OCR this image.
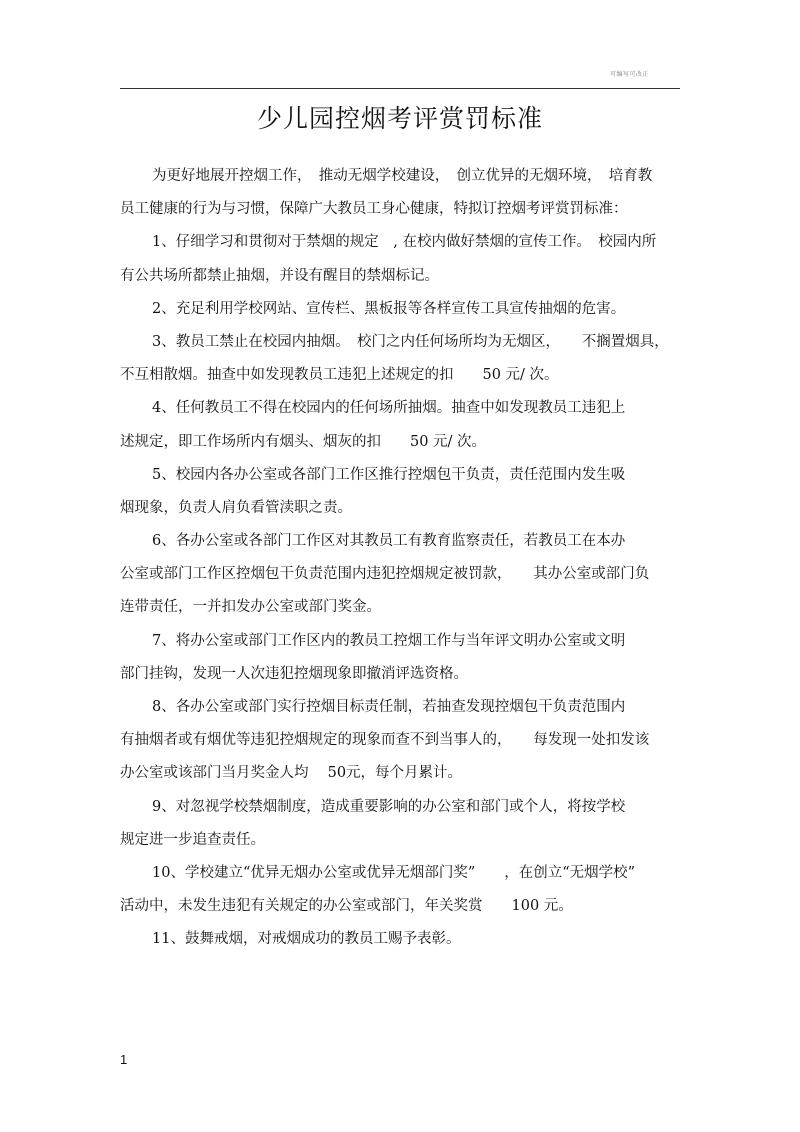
可编写可改正
少儿园控烟考评赏罚标准
为更好地展开控烟工作，　推动无烟学校建设，　创立优异的无烟环境，　培育教
员工健康的行为与习惯，保障广大教员工身心健康，特拟订控烟考评赏罚标准：
1、仔细学习和贯彻对于禁烟的规定　, 在校内做好禁烟的宣传工作。　校园内所
有公共场所都禁止抽烟，并设有醒目的禁烟标记。
2、充足利用学校网站、宣传栏、黑板报等各样宣传工具宣传抽烟的危害。
3、教员工禁止在校园内抽烟。　校门之内任何场所均为无烟区，　　不搁置烟具，
不互相散烟。抽查中如发现教员工违犯上述规定的扣　　50 元/ 次。
4、任何教员工不得在校园内的任何场所抽烟。抽查中如发现教员工违犯上
述规定，即工作场所内有烟头、烟灰的扣　　50 元/ 次。
5、校园内各办公室或各部门工作区推行控烟包干负责，责任范围内发生吸
烟现象，负责人肩负看管渎职之责。
6、各办公室或各部门工作区对其教员工有教育监察责任，若教员工在本办
公室或部门工作区控烟包干负责范围内违犯控烟规定被罚款，　　其办公室或部门负
连带责任，一并扣发办公室或部门奖金。
7、将办公室或部门工作区内的教员工控烟工作与当年评文明办公室或文明
部门挂钩，发现一人次违犯控烟现象即撤消评选资格。
8、各办公室或部门实行控烟目标责任制，若抽查发现控烟包干负责范围内
有抽烟者或有烟优等违犯控烟规定的现象而查不到当事人的，　　每发现一处扣发该
办公室或该部门当月奖金人均　 50元，每个月累计。
9、对忽视学校禁烟制度，造成重要影响的办公室和部门或个人，将按学校
规定进一步追查责任。
10、学校建立“优异无烟办公室或优异无烟部门奖”　　，在创立“无烟学校”
活动中，未发生违犯有关规定的办公室或部门，年关奖赏　　100 元。
11、鼓舞戒烟，对戒烟成功的教员工赐予表彰。
1
